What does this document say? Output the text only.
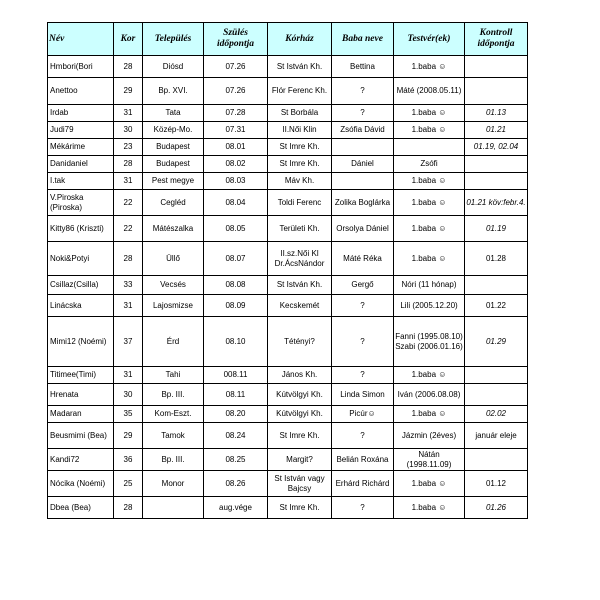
Név	Kor	Település	Szülés időpontja	Kórház	Baba neve	Testvér(ek)	Kontroll időpontja
Hmbori(Bori	28	Diósd	07.26	St István Kh.	Bettina	1.baba ☺	
Anettoo	29	Bp. XVI.	07.26	Flór Ferenc Kh.	?	Máté (2008.05.11)	
Irdab	31	Tata	07.28	St Borbála	?	1.baba ☺	01.13
Judi79	30	Közép-Mo.	07.31	II.Női Klin	Zsófia Dávid	1.baba ☺	01.21
Mékárime	23	Budapest	08.01	St Imre Kh.			01.19, 02.04
Danidaniel	28	Budapest	08.02	St Imre Kh.	Dániel	Zsófi	
I.tak	31	Pest megye	08.03	Máv Kh.		1.baba ☺	
V.Piroska (Piroska)	22	Cegléd	08.04	Toldi Ferenc	Zolika Boglárka	1.baba ☺	01.21 köv:febr.4.
Kitty86 (Kriszti)	22	Mátészalka	08.05	Területi Kh.	Orsolya Dániel	1.baba ☺	01.19
Noki&Potyi	28	Üllő	08.07	II.sz.Női Kl Dr.ÁcsNándor	Máté Réka	1.baba ☺	01.28
Csillaz(Csilla)	33	Vecsés	08.08	St István Kh.	Gergő	Nóri (11 hónap)	
Linácska	31	Lajosmizse	08.09	Kecskemét	?	Lili (2005.12.20)	01.22
Mimi12 (Noémi)	37	Érd	08.10	Tétényi?	?	Fanni (1995.08.10) Szabi (2006.01.16)	01.29
Titimee(Timi)	31	Tahi	008.11	János Kh.	?	1.baba ☺	
Hrenata	30	Bp. III.	08.11	Kútvölgyi Kh.	Linda Simon	Iván (2006.08.08)	
Madaran	35	Kom-Eszt.	08.20	Kútvölgyi Kh.	Picúr☺	1.baba ☺	02.02
Beusmimi (Bea)	29	Tamok	08.24	St Imre Kh.	?	Jázmin (2éves)	január eleje
Kandi72	36	Bp. III.	08.25	Margit?	Belián Roxána	Nátán (1998.11.09)	
Nócika (Noémi)	25	Monor	08.26	St István vagy Bajcsy	Erhárd Richárd	1.baba ☺	01.12
Dbea (Bea)	28		aug.vége	St Imre Kh.	?	1.baba ☺	01.26
